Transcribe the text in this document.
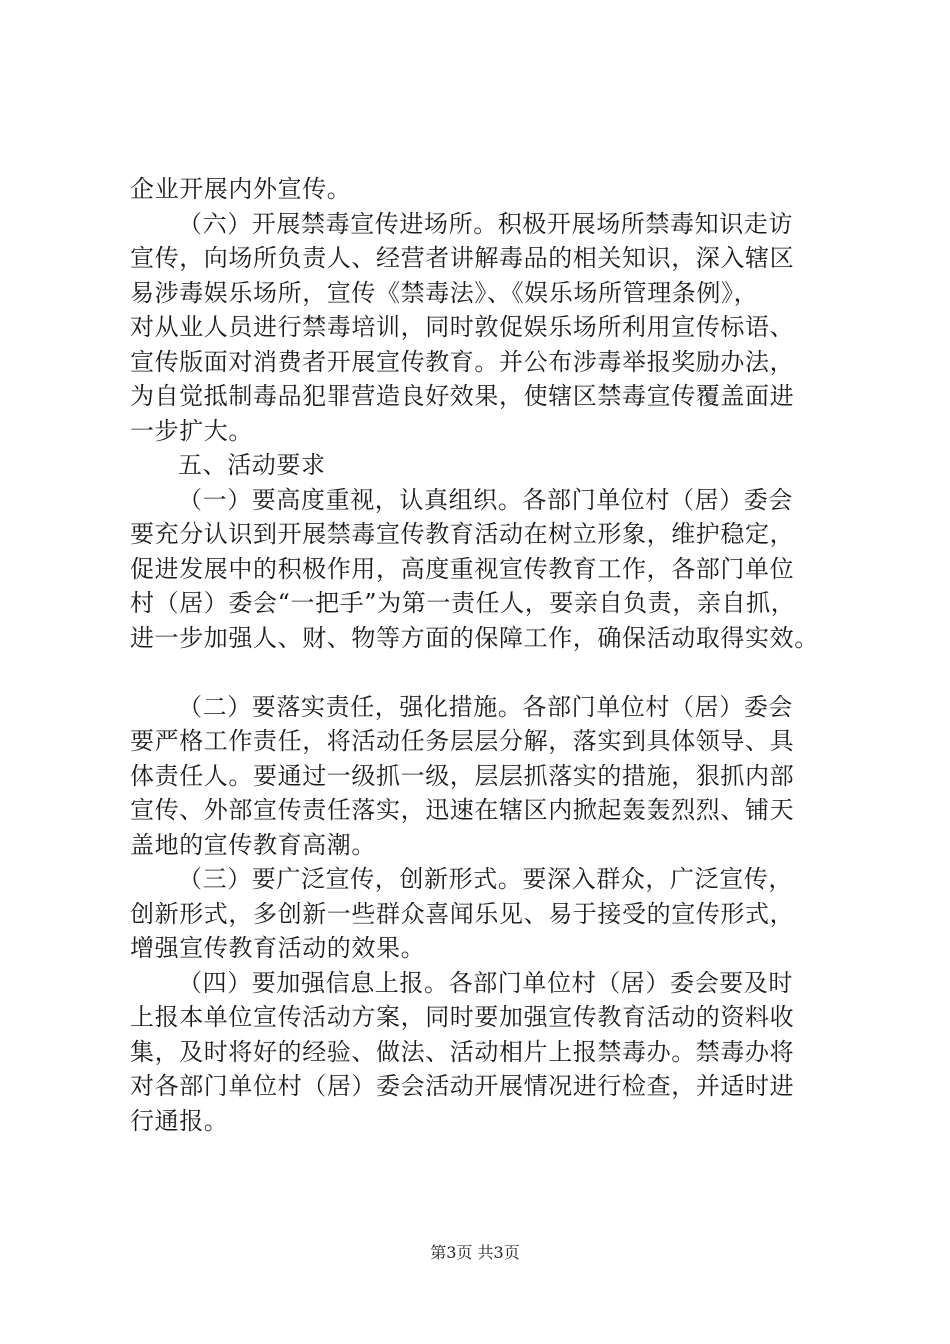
企业开展内外宣传。
（六）开展禁毒宣传进场所。积极开展场所禁毒知识走访
宣传，向场所负责人、经营者讲解毒品的相关知识，深入辖区
易涉毒娱乐场所，宣传《禁毒法》、《娱乐场所管理条例》，
对从业人员进行禁毒培训，同时敦促娱乐场所利用宣传标语、
宣传版面对消费者开展宣传教育。并公布涉毒举报奖励办法，
为自觉抵制毒品犯罪营造良好效果，使辖区禁毒宣传覆盖面进
一步扩大。
五、活动要求
（一）要高度重视，认真组织。各部门单位村（居）委会
要充分认识到开展禁毒宣传教育活动在树立形象，维护稳定，
促进发展中的积极作用，高度重视宣传教育工作，各部门单位
村（居）委会“一把手”为第一责任人，要亲自负责，亲自抓，
进一步加强人、财、物等方面的保障工作，确保活动取得实效。
（二）要落实责任，强化措施。各部门单位村（居）委会
要严格工作责任，将活动任务层层分解，落实到具体领导、具
体责任人。要通过一级抓一级，层层抓落实的措施，狠抓内部
宣传、外部宣传责任落实，迅速在辖区内掀起轰轰烈烈、铺天
盖地的宣传教育高潮。
（三）要广泛宣传，创新形式。要深入群众，广泛宣传，
创新形式，多创新一些群众喜闻乐见、易于接受的宣传形式，
增强宣传教育活动的效果。
（四）要加强信息上报。各部门单位村（居）委会要及时
上报本单位宣传活动方案，同时要加强宣传教育活动的资料收
集，及时将好的经验、做法、活动相片上报禁毒办。禁毒办将
对各部门单位村（居）委会活动开展情况进行检查，并适时进
行通报。
第3页 共3页
